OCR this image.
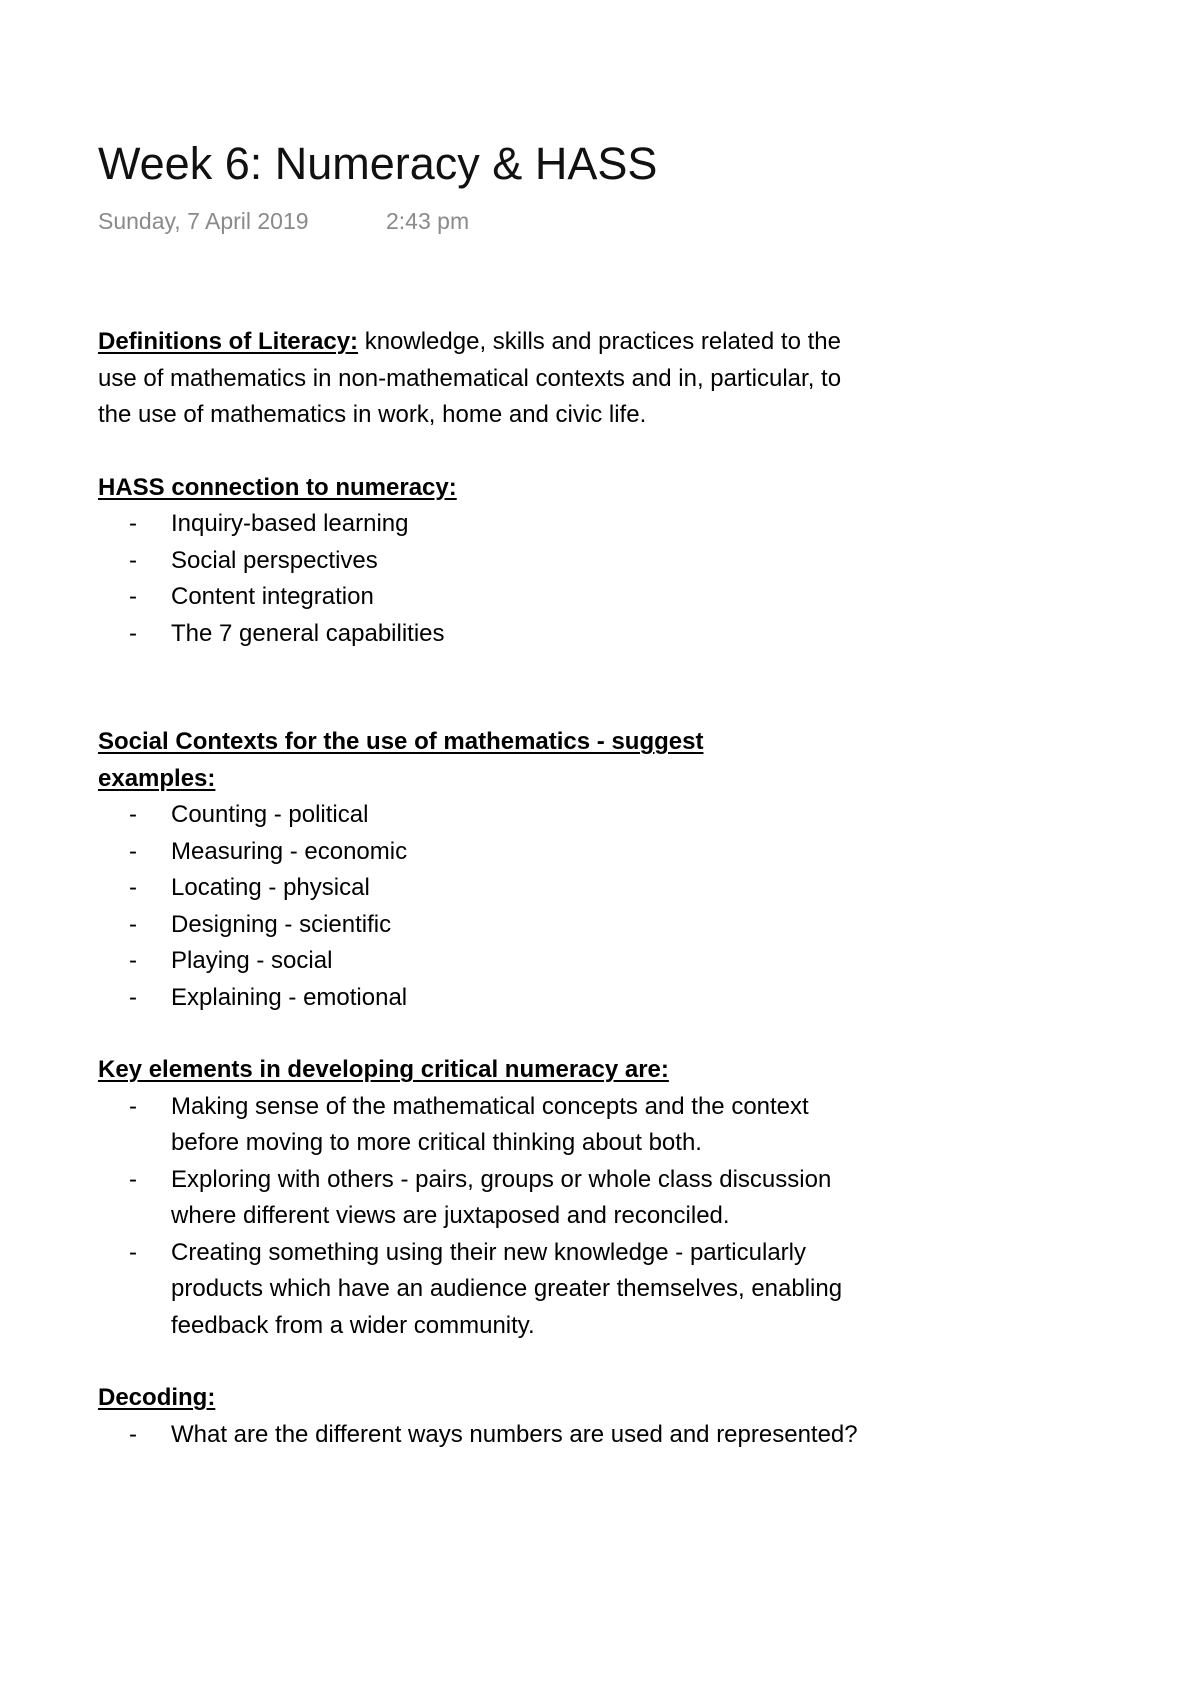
Week 6: Numeracy & HASS
Sunday, 7 April 2019	2:43 pm

Definitions of Literacy: knowledge, skills and practices related to the use of mathematics in non-mathematical contexts and in, particular, to the use of mathematics in work, home and civic life.

HASS connection to numeracy:
- Inquiry-based learning
- Social perspectives
- Content integration
- The 7 general capabilities
Social Contexts for the use of mathematics - suggest examples:
- Counting - political
- Measuring - economic
- Locating - physical
- Designing - scientific
- Playing - social
- Explaining - emotional
Key elements in developing critical numeracy are:
- Making sense of the mathematical concepts and the context before moving to more critical thinking about both.
- Exploring with others - pairs, groups or whole class discussion where different views are juxtaposed and reconciled.
- Creating something using their new knowledge - particularly products which have an audience greater themselves, enabling feedback from a wider community.
Decoding:
- What are the different ways numbers are used and represented?
